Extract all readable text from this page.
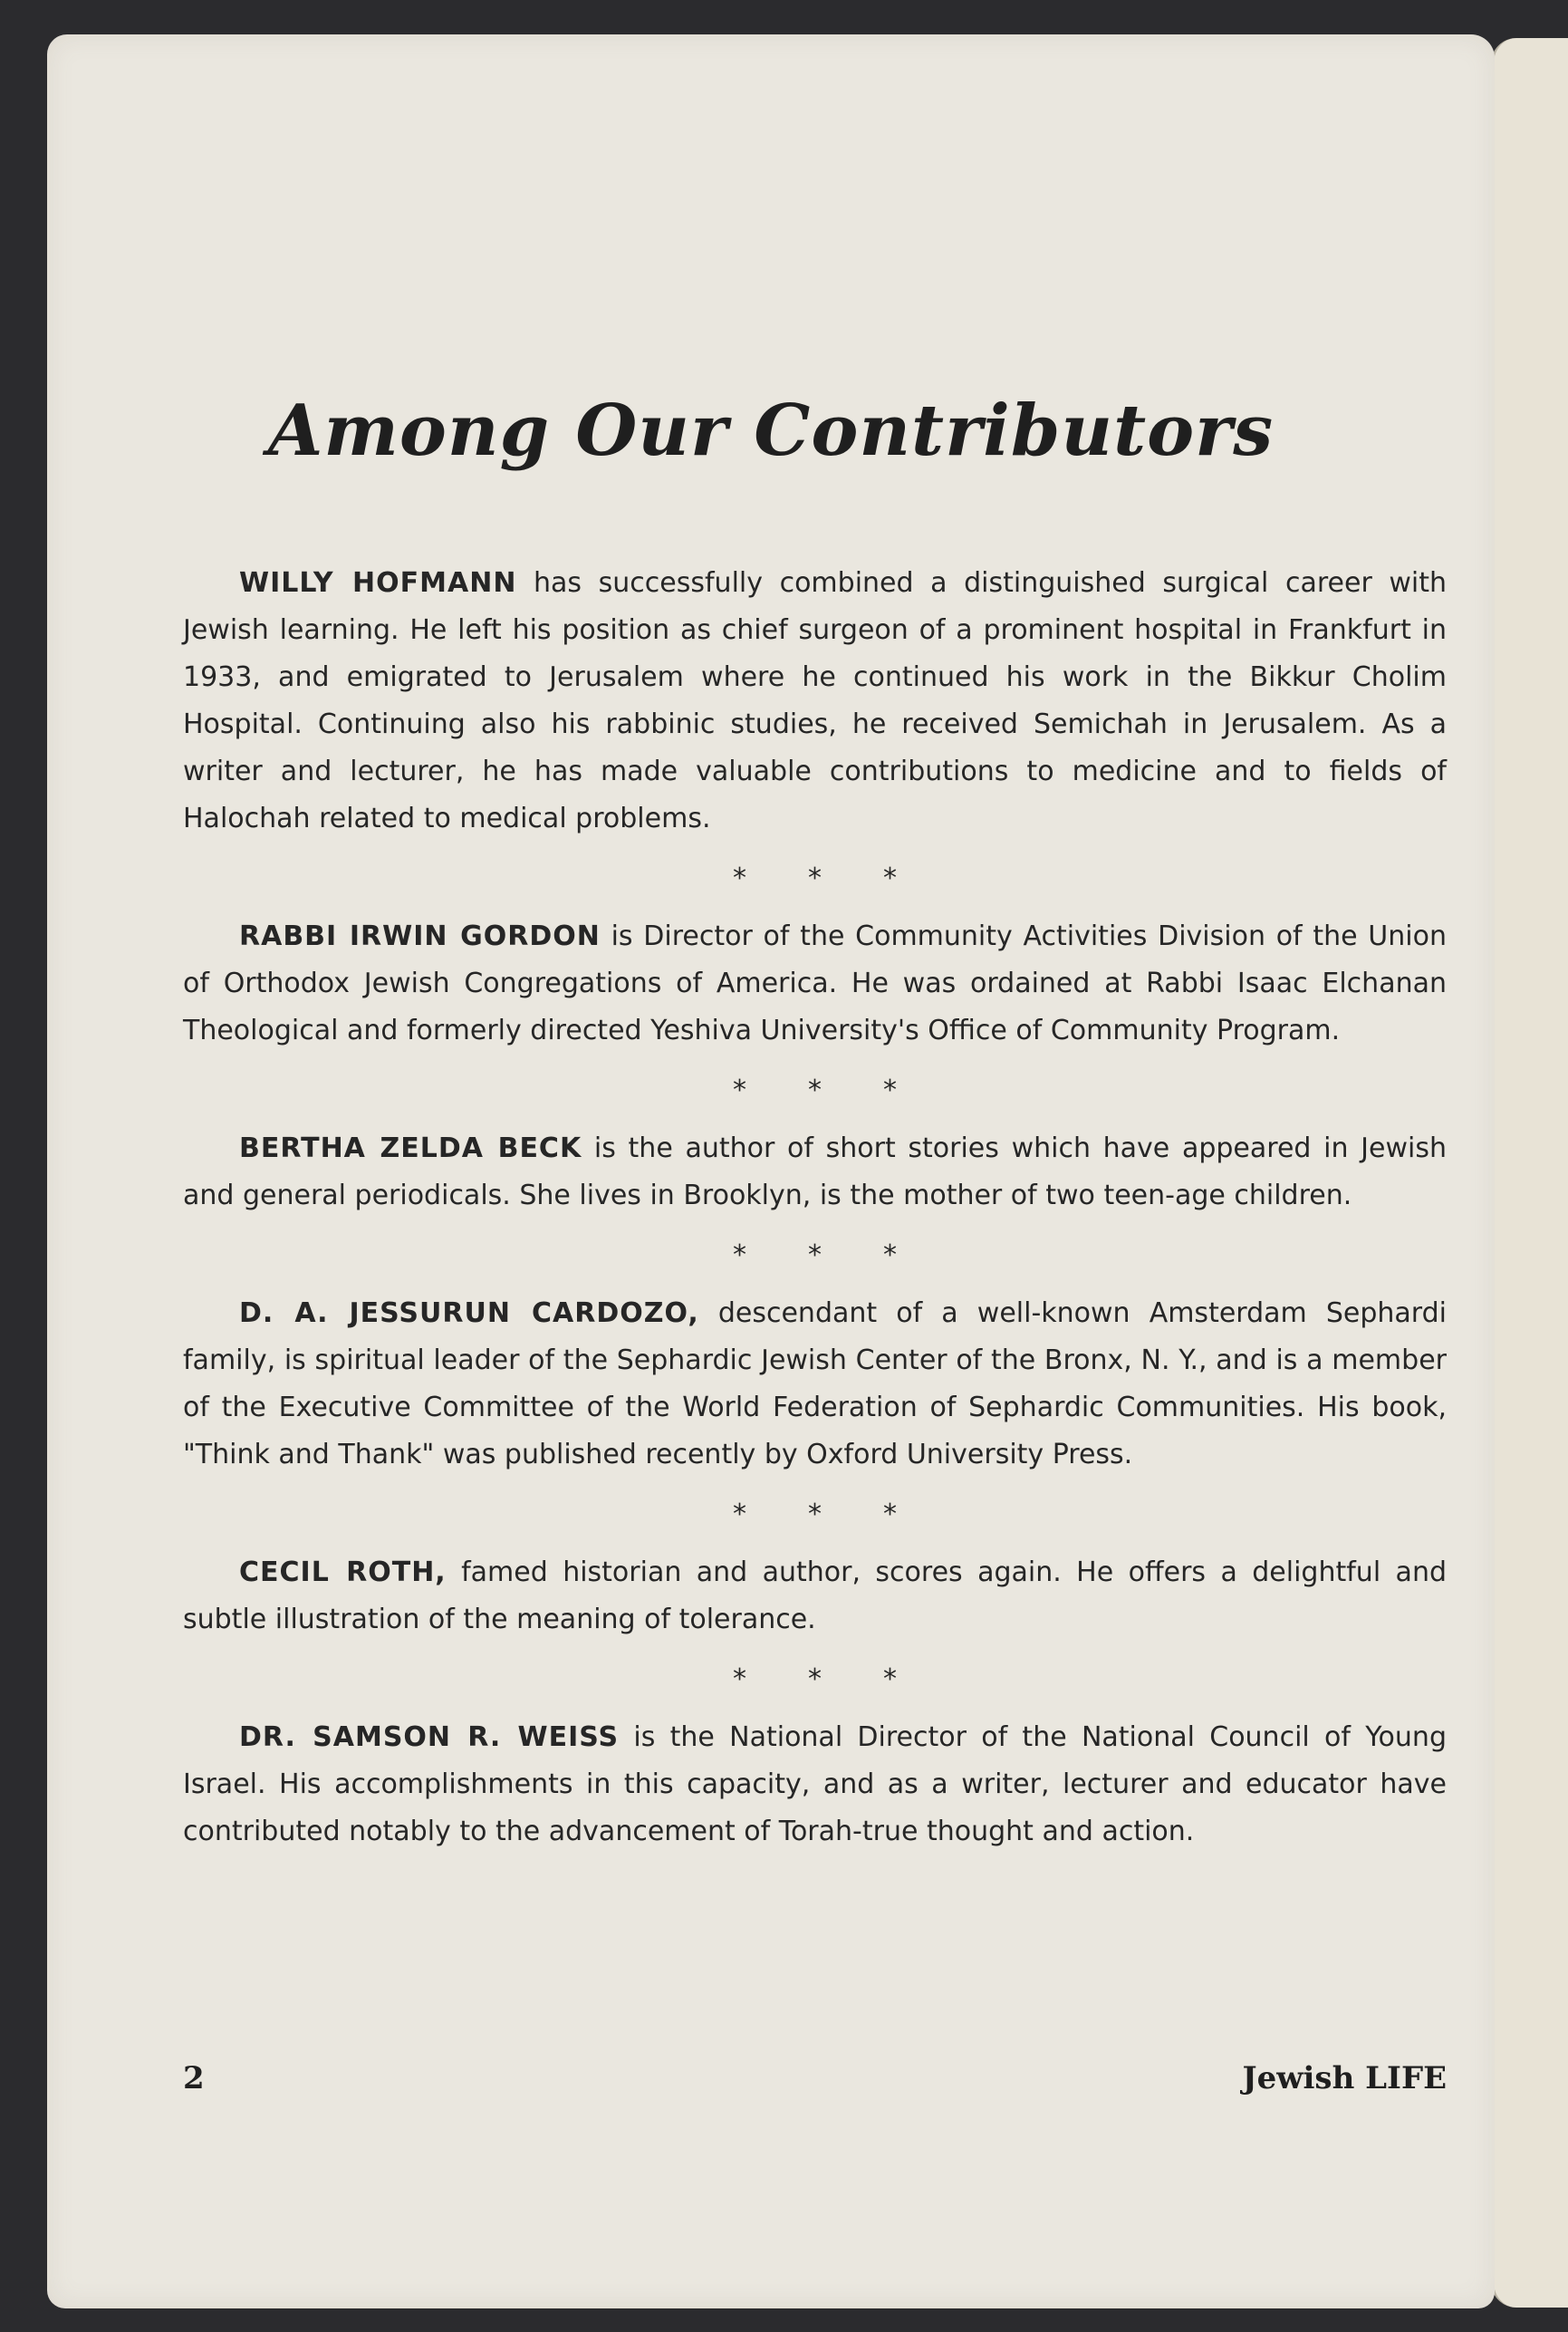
Among Our Contributors

WILLY HOFMANN has successfully combined a distinguished surgical career with Jewish learning. He left his position as chief surgeon of a prominent hospital in Frankfurt in 1933, and emigrated to Jerusalem where he continued his work in the Bikkur Cholim Hospital. Continuing also his rabbinic studies, he received Semichah in Jerusalem. As a writer and lecturer, he has made valuable contributions to medicine and to fields of Halochah related to medical problems.

* * *

RABBI IRWIN GORDON is Director of the Community Activities Division of the Union of Orthodox Jewish Congregations of America. He was ordained at Rabbi Isaac Elchanan Theological and formerly directed Yeshiva University's Office of Community Program.

* * *

BERTHA ZELDA BECK is the author of short stories which have appeared in Jewish and general periodicals. She lives in Brooklyn, is the mother of two teen-age children.

* * *

D. A. JESSURUN CARDOZO, descendant of a well-known Amsterdam Sephardi family, is spiritual leader of the Sephardic Jewish Center of the Bronx, N. Y., and is a member of the Executive Committee of the World Federation of Sephardic Communities. His book, "Think and Thank" was published recently by Oxford University Press.

* * *

CECIL ROTH, famed historian and author, scores again. He offers a delightful and subtle illustration of the meaning of tolerance.

* * *

DR. SAMSON R. WEISS is the National Director of the National Council of Young Israel. His accomplishments in this capacity, and as a writer, lecturer and educator have contributed notably to the advancement of Torah-true thought and action.

2	Jewish LIFE
